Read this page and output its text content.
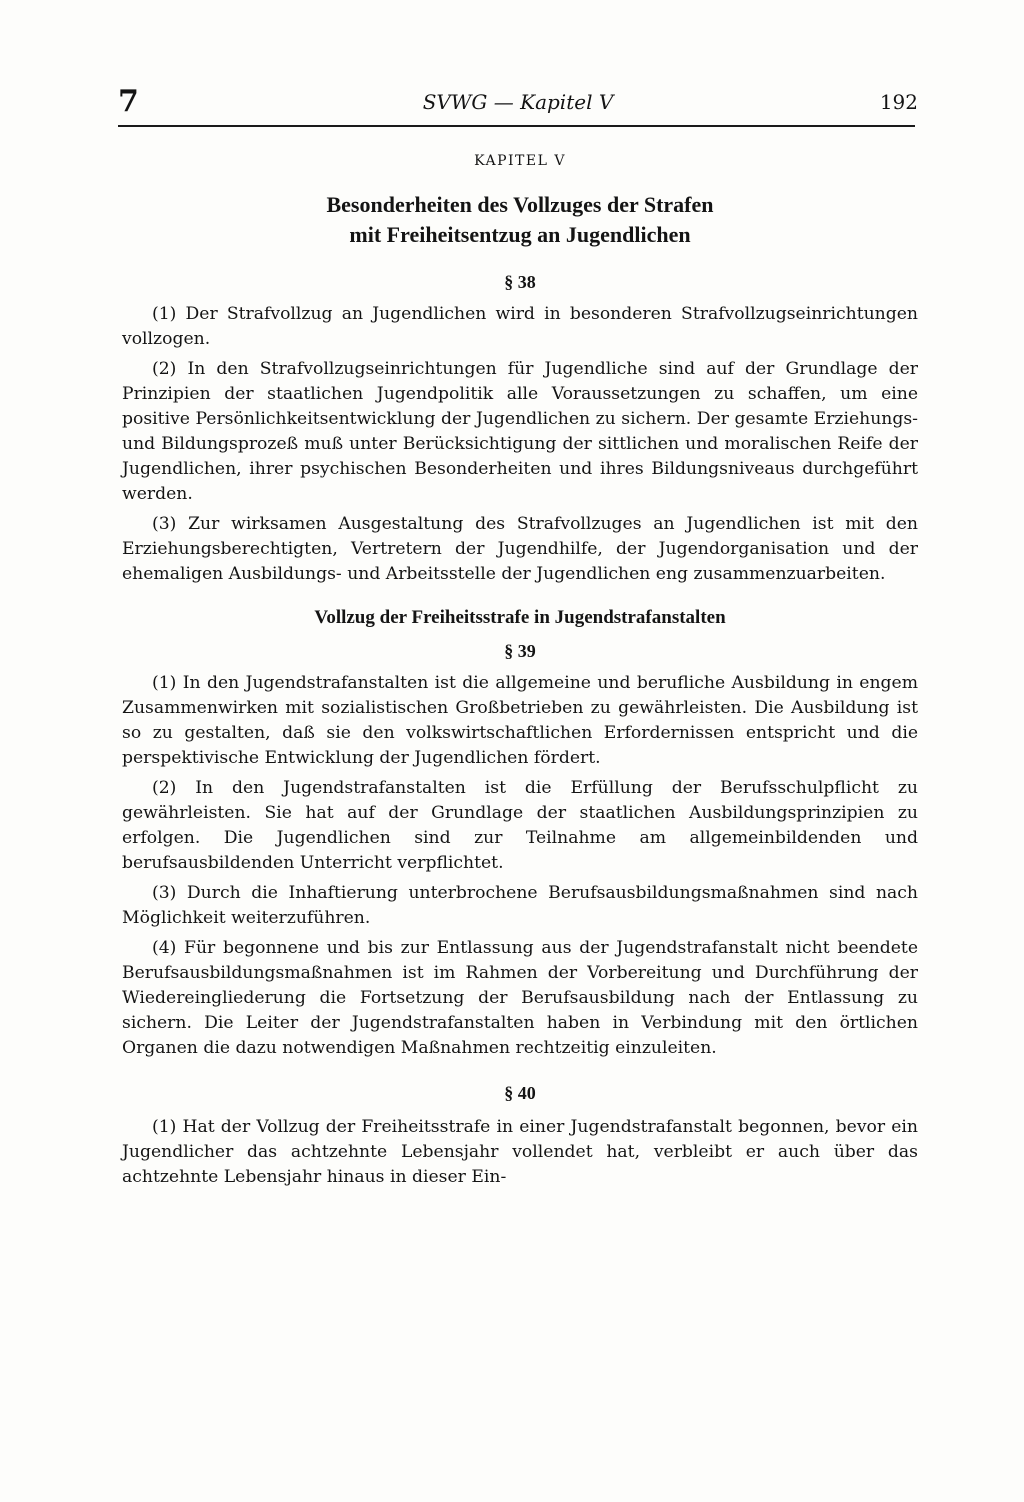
7	SVWG — Kapitel V	192
KAPITEL V
Besonderheiten des Vollzuges der Strafen
mit Freiheitsentzug an Jugendlichen
§ 38

(1) Der Strafvollzug an Jugendlichen wird in besonderen Strafvollzugseinrichtungen vollzogen.

(2) In den Strafvollzugseinrichtungen für Jugendliche sind auf der Grundlage der Prinzipien der staatlichen Jugendpolitik alle Voraussetzungen zu schaffen, um eine positive Persönlichkeitsentwicklung der Jugendlichen zu sichern. Der gesamte Erziehungs- und Bildungsprozeß muß unter Berücksichtigung der sittlichen und moralischen Reife der Jugendlichen, ihrer psychischen Besonderheiten und ihres Bildungsniveaus durchgeführt werden.

(3) Zur wirksamen Ausgestaltung des Strafvollzuges an Jugendlichen ist mit den Erziehungsberechtigten, Vertretern der Jugendhilfe, der Jugendorganisation und der ehemaligen Ausbildungs- und Arbeitsstelle der Jugendlichen eng zusammenzuarbeiten.

Vollzug der Freiheitsstrafe in Jugendstrafanstalten
§ 39

(1) In den Jugendstrafanstalten ist die allgemeine und berufliche Ausbildung in engem Zusammenwirken mit sozialistischen Großbetrieben zu gewährleisten. Die Ausbildung ist so zu gestalten, daß sie den volkswirtschaftlichen Erfordernissen entspricht und die perspektivische Entwicklung der Jugendlichen fördert.

(2) In den Jugendstrafanstalten ist die Erfüllung der Berufsschulpflicht zu gewährleisten. Sie hat auf der Grundlage der staatlichen Ausbildungsprinzipien zu erfolgen. Die Jugendlichen sind zur Teilnahme am allgemeinbildenden und berufsausbildenden Unterricht verpflichtet.

(3) Durch die Inhaftierung unterbrochene Berufsausbildungsmaßnahmen sind nach Möglichkeit weiterzuführen.

(4) Für begonnene und bis zur Entlassung aus der Jugendstrafanstalt nicht beendete Berufsausbildungsmaßnahmen ist im Rahmen der Vorbereitung und Durchführung der Wiedereingliederung die Fortsetzung der Berufsausbildung nach der Entlassung zu sichern. Die Leiter der Jugendstrafanstalten haben in Verbindung mit den örtlichen Organen die dazu notwendigen Maßnahmen rechtzeitig einzuleiten.

§ 40

(1) Hat der Vollzug der Freiheitsstrafe in einer Jugendstrafanstalt begonnen, bevor ein Jugendlicher das achtzehnte Lebensjahr vollendet hat, verbleibt er auch über das achtzehnte Lebensjahr hinaus in dieser Ein-
